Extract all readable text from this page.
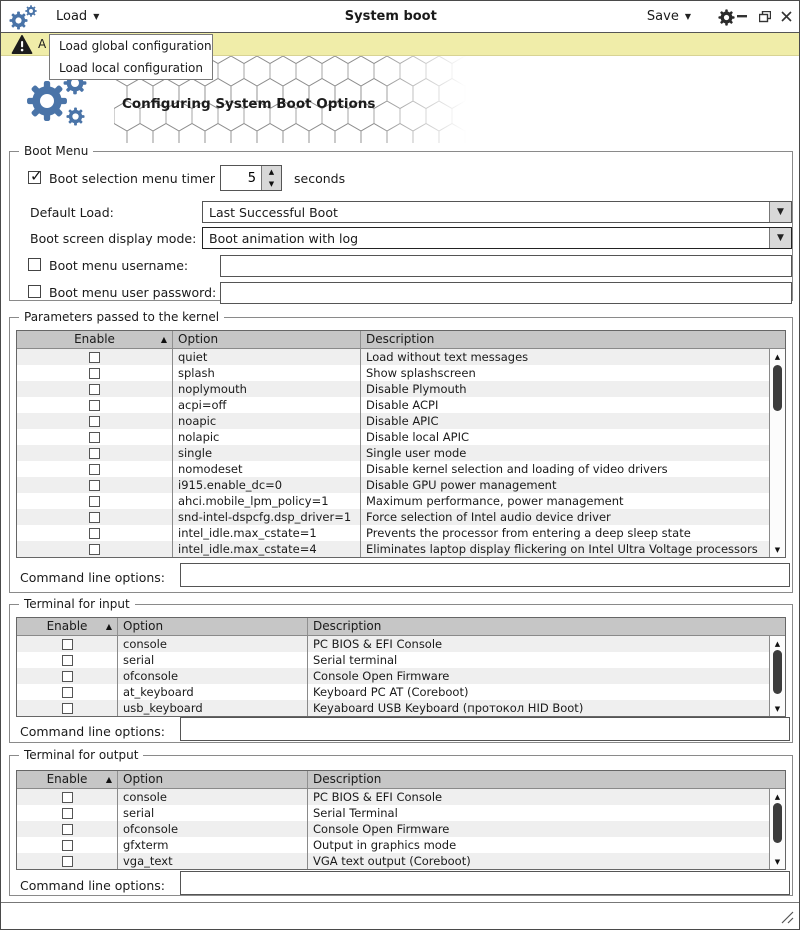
Load ▼	System boot	Save ▼
A
Configuring System Boot Options
Load global configuration
Load local configuration
Boot Menu
✓
Boot selection menu timer
5	▲
▼	seconds
Default Load:	Last Successful Boot	▼
Boot screen display mode:	Boot animation with log	▼
Boot menu username:
Boot menu user password:
Parameters passed to the kernel
Enable	▲ Option	Description
quiet	Load without text messages
splash	Show splashscreen
noplymouth	Disable Plymouth
acpi=off	Disable ACPI
noapic	Disable APIC
nolapic	Disable local APIC
single	Single user mode
nomodeset	Disable kernel selection and loading of video drivers
i915.enable_dc=0	Disable GPU power management
ahci.mobile_lpm_policy=1	Maximum performance, power management
snd-intel-dspcfg.dsp_driver=1	Force selection of Intel audio device driver
intel_idle.max_cstate=1	Prevents the processor from entering a deep sleep state
intel_idle.max_cstate=4	Eliminates laptop display flickering on Intel Ultra Voltage processors
▲
▼
Command line options:
Terminal for input
Enable ▲ Option	Description
console	PC BIOS & EFI Console
serial	Serial terminal
ofconsole	Console Open Firmware
at_keyboard	Keyboard PC AT (Coreboot)
usb_keyboard	Keyaboard USB Keyboard (протокол HID Boot)
▲
▼
Command line options:
Terminal for output
Enable ▲ Option	Description
console	PC BIOS & EFI Console
serial	Serial Terminal
ofconsole	Console Open Firmware
gfxterm	Output in graphics mode
vga_text	VGA text output (Coreboot)
▲
▼
Command line options:
